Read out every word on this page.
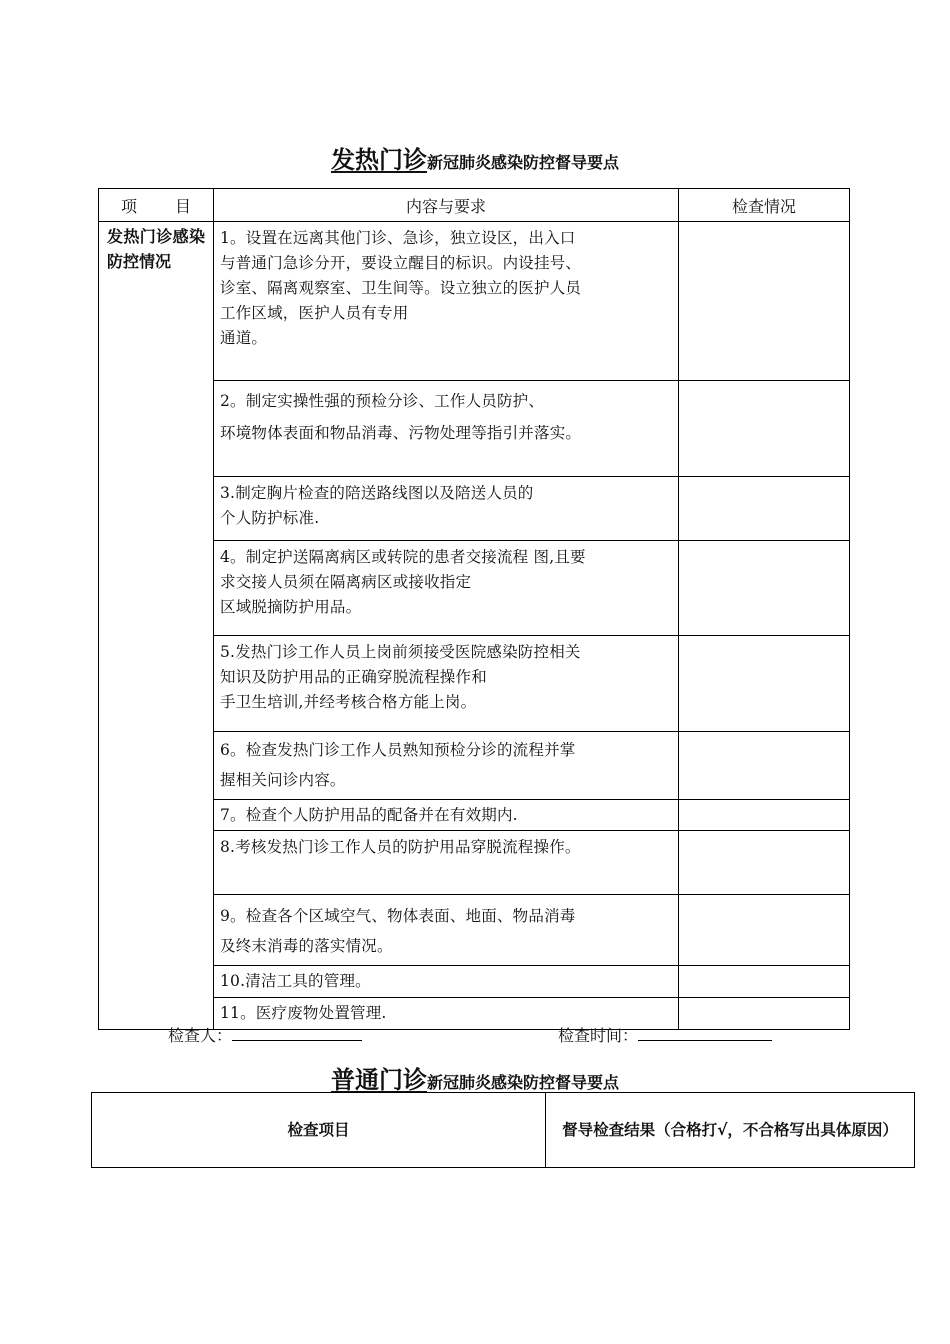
发热门诊新冠肺炎感染防控督导要点
项 目	内容与要求	检查情况
发热门诊感染防控情况	1。设置在远离其他门诊、急诊，独立设区，出入口
与普通门急诊分开，要设立醒目的标识。内设挂号、
诊室、隔离观察室、卫生间等。设立独立的医护人员
工作区域，医护人员有专用
通道。	

	2。制定实操性强的预检分诊、工作人员防护、
环境物体表面和物品消毒、污物处理等指引并落实。	

	3.制定胸片检查的陪送路线图以及陪送人员的
个人防护标准.	

	4。制定护送隔离病区或转院的患者交接流程 图,且要
求交接人员须在隔离病区或接收指定
区域脱摘防护用品。	

	5.发热门诊工作人员上岗前须接受医院感染防控相关
知识及防护用品的正确穿脱流程操作和
手卫生培训,并经考核合格方能上岗。	

	6。检查发热门诊工作人员熟知预检分诊的流程并掌
握相关问诊内容。	

	7。检查个人防护用品的配备并在有效期内.	

	8.考核发热门诊工作人员的防护用品穿脱流程操作。	

	9。检查各个区域空气、物体表面、地面、物品消毒
及终末消毒的落实情况。	

	10.清洁工具的管理。	

	11。医疗废物处置管理.	

检查人：	检查时间：
普通门诊新冠肺炎感染防控督导要点
检查项目	督导检查结果（合格打√，不合格写出具体原因）
